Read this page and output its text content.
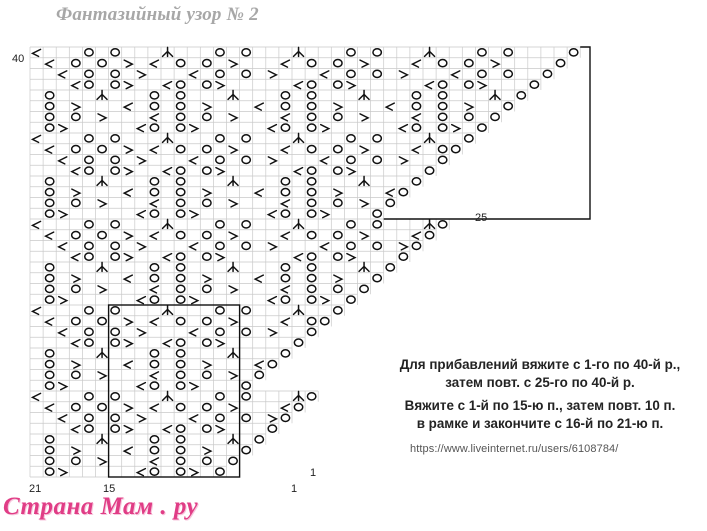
Фантазийный узор № 2
40
25
1
21	15	1
Для прибавлений вяжите с 1-го по 40-й р.,
затем повт. с 25-го по 40-й р.
Вяжите с 1-й по 15-ю п., затем повт. 10 п.
в рамке и закончите с 16-й по 21-ю п.
https://www.liveinternet.ru/users/6108784/
Страна Мам . ру
